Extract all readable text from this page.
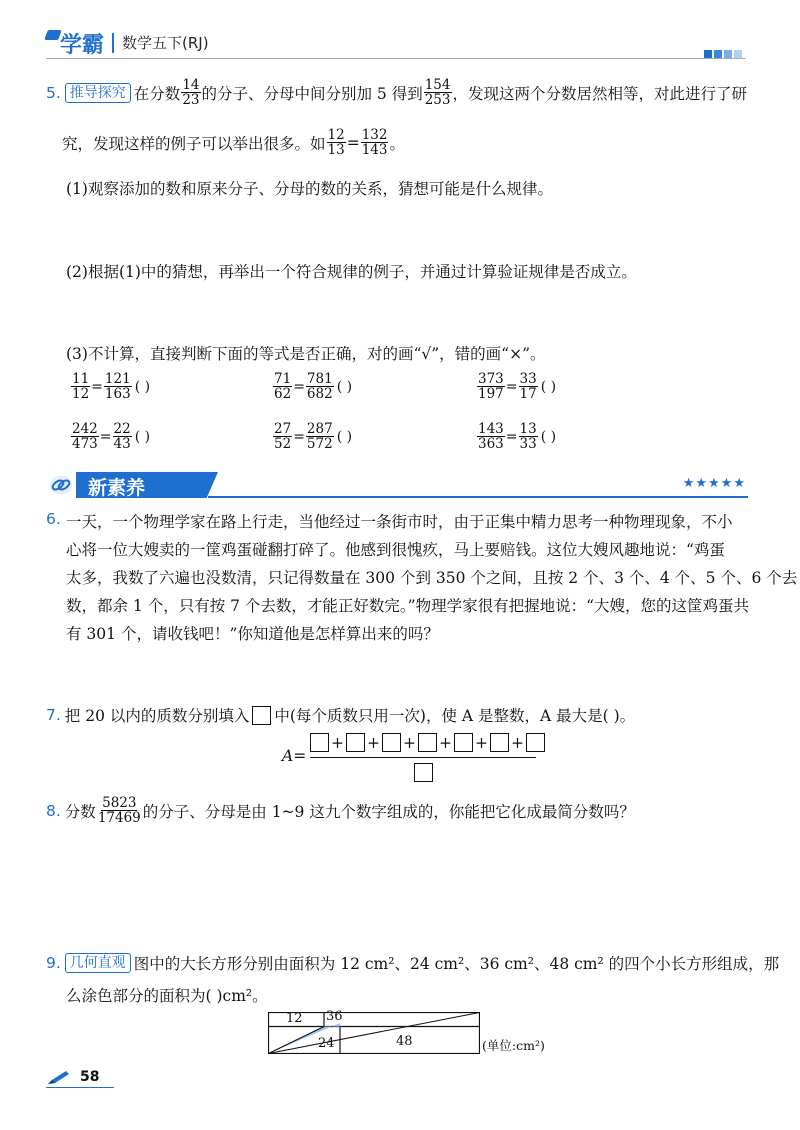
学霸 数学五下(RJ)
5. 推导探究 在分数 $\frac{14}{23}$ 的分子、分母中间分别加 5 得到 $\frac{154}{253}$ ，发现这两个分数居然相等，对此进行了研
究，发现这样的例子可以举出很多。如 $\frac{12}{13} = \frac{132}{143}$ 。
(1)观察添加的数和原来分子、分母的数的关系，猜想可能是什么规律。
(2)根据(1)中的猜想，再举出一个符合规律的例子，并通过计算验证规律是否成立。
(3)不计算，直接判断下面的等式是否正确，对的画“√”，错的画“×”。
$\frac{11}{12} = \frac{121}{163}$ ( )	$\frac{71}{62} = \frac{781}{682}$ ( )	$\frac{373}{197} = \frac{33}{17}$ ( )
$\frac{242}{473} = \frac{22}{43}$ ( )	$\frac{27}{52} = \frac{287}{572}$ ( )	$\frac{143}{363} = \frac{13}{33}$ ( )
新素养	★★★★★
6. 一天，一个物理学家在路上行走，当他经过一条街市时，由于正集中精力思考一种物理现象，不小
心将一位大嫂卖的一筐鸡蛋碰翻打碎了。他感到很愧疚，马上要赔钱。这位大嫂风趣地说：“鸡蛋
太多，我数了六遍也没数清，只记得数量在 300 个到 350 个之间，且按 2 个、3 个、4 个、5 个、6 个去
数，都余 1 个，只有按 7 个去数，才能正好数完。”物理学家很有把握地说：“大嫂，您的这筐鸡蛋共
有 301 个，请收钱吧！”你知道他是怎样算出来的吗？
7. 把 20 以内的质数分别填入 中(每个质数只用一次)，使 A 是整数，A 最大是( )。
A=
+ + + + + +
8. 分数 $\frac{5823}{17469}$ 的分子、分母是由 1~9 这九个数字组成的，你能把它化成最简分数吗？
9. 几何直观 图中的大长方形分别由面积为 12 cm²、24 cm²、36 cm²、48 cm² 的四个小长方形组成，那
么涂色部分的面积为( )cm²。
12 36
24	48	(单位:cm²)
58
